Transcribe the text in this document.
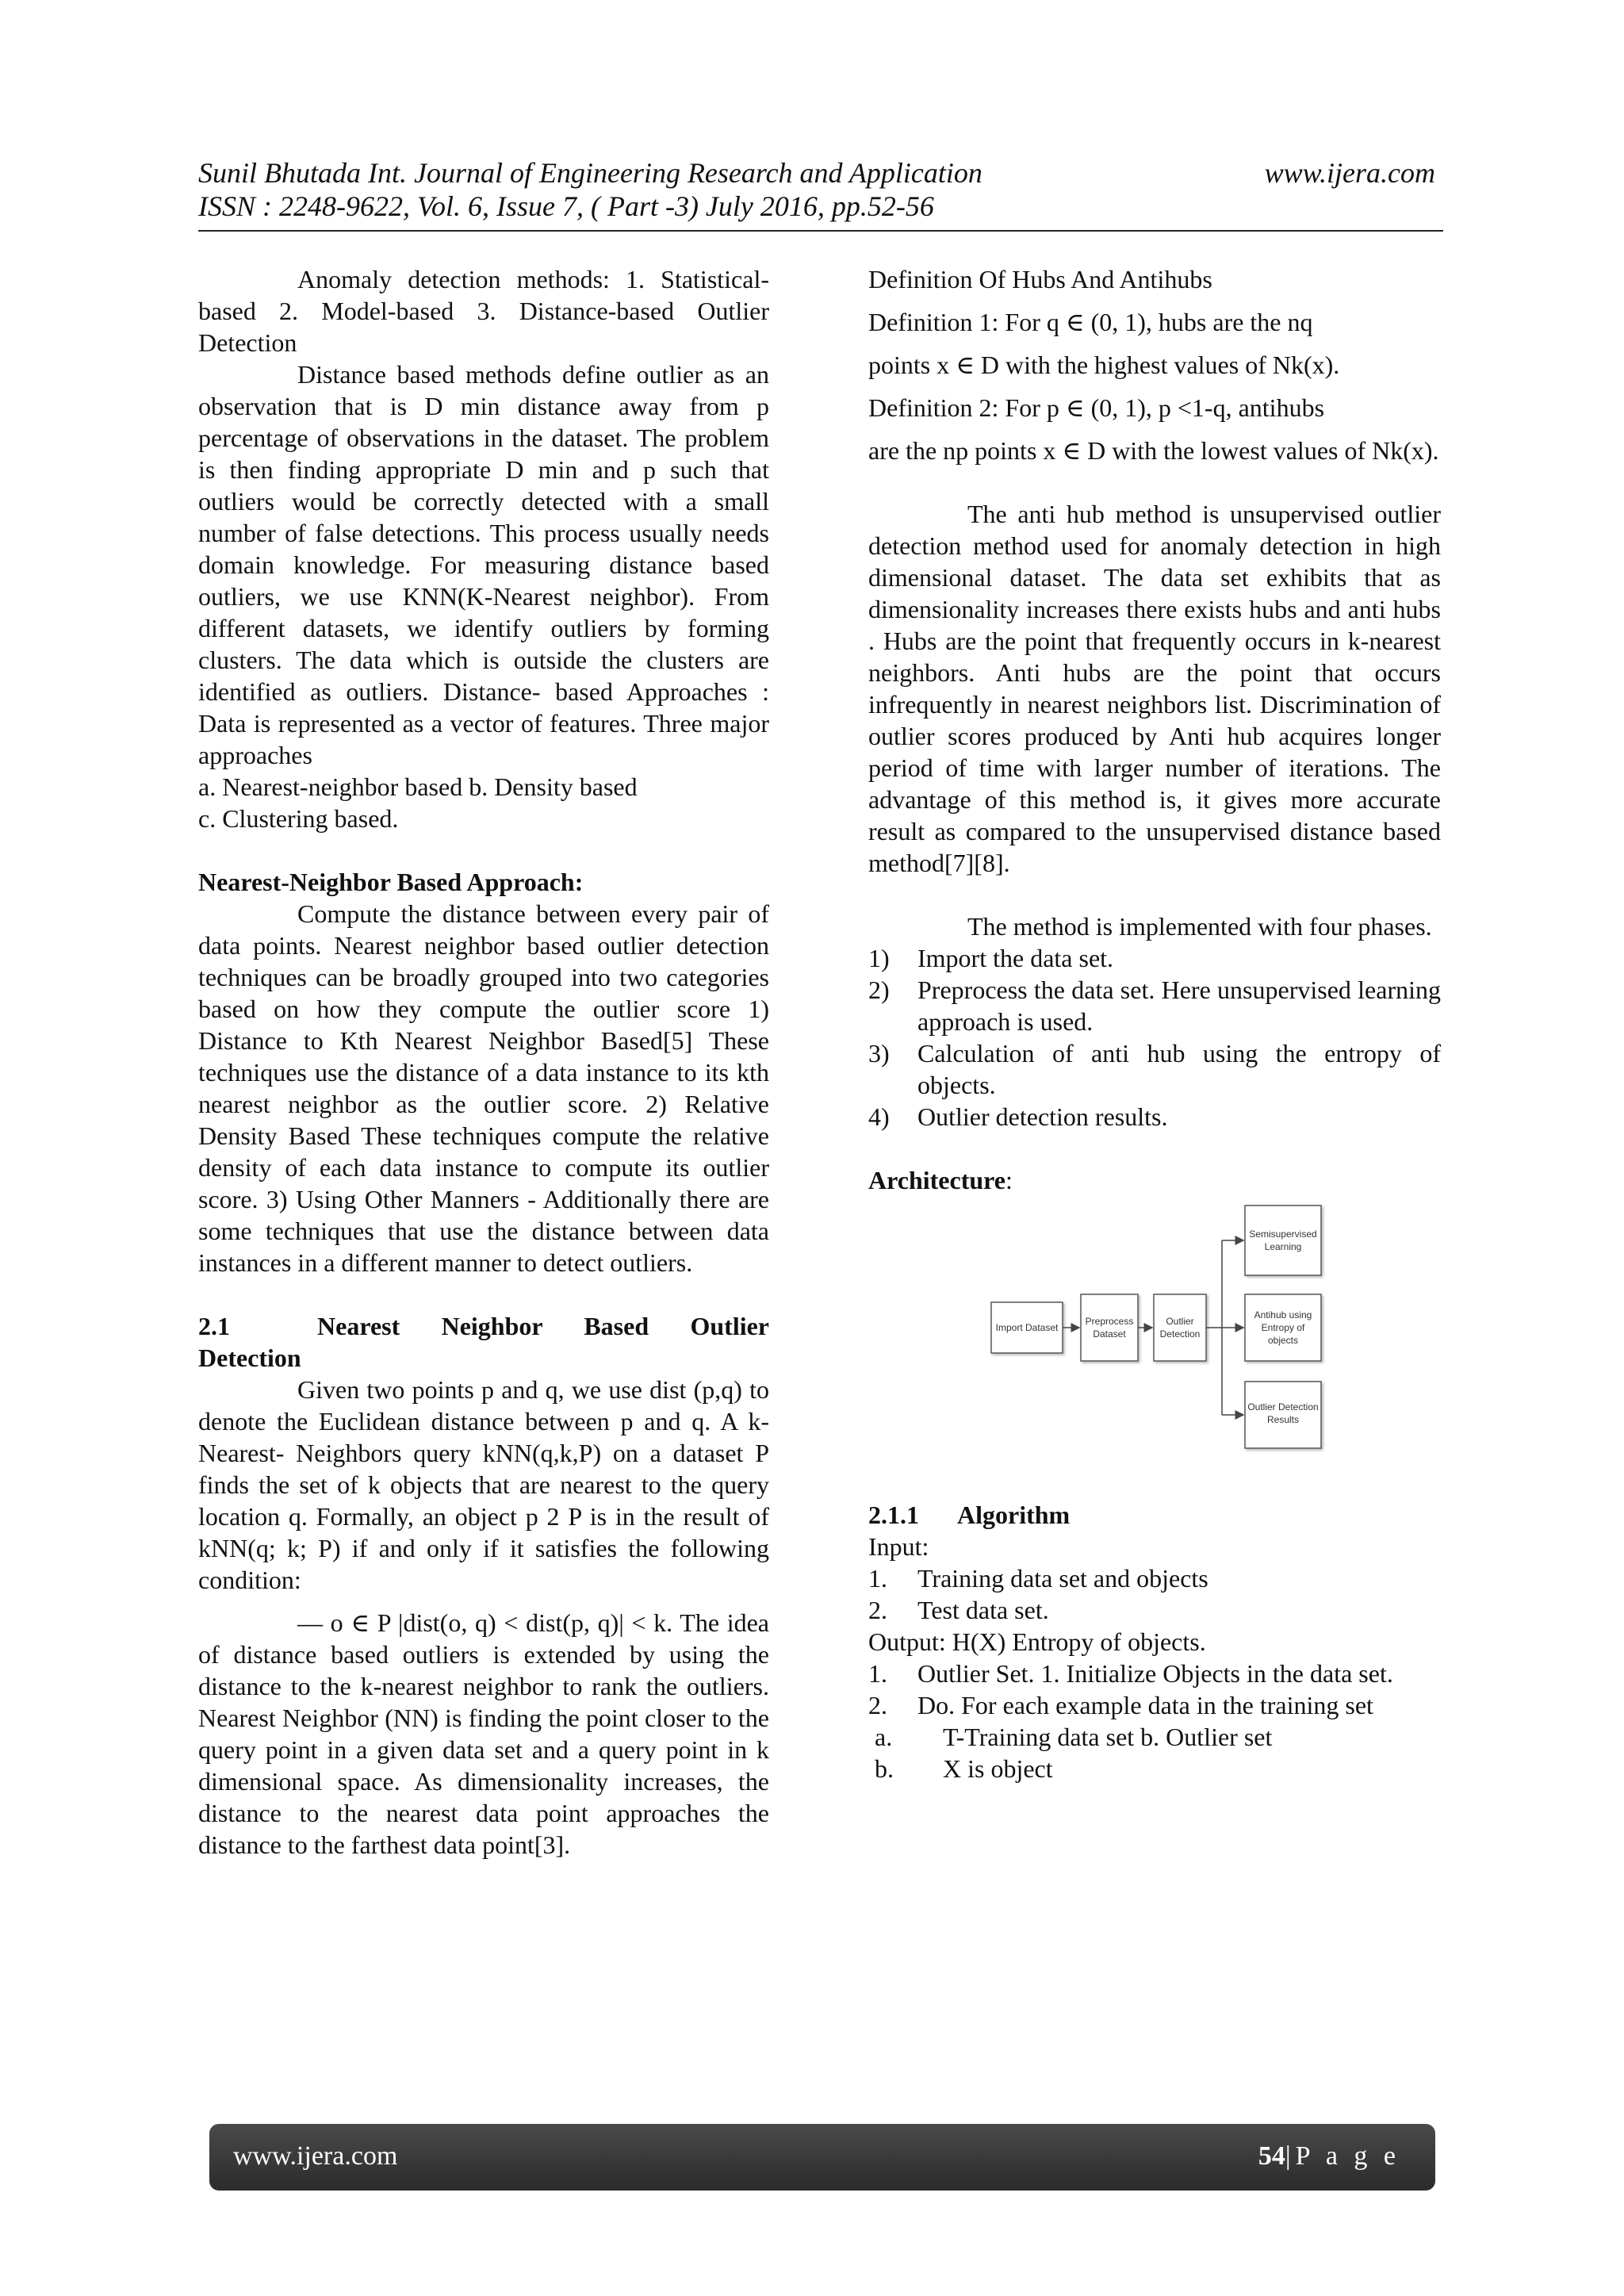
Sunil Bhutada Int. Journal of Engineering Research and Application
ISSN : 2248-9622, Vol. 6, Issue 7, ( Part -3) July 2016, pp.52-56
www.ijera.com

Anomaly detection methods: 1. Statistical- based 2. Model-based 3. Distance-based Outlier Detection

Distance based methods define outlier as an observation that is D min distance away from p percentage of observations in the dataset. The problem is then finding appropriate D min and p such that outliers would be correctly detected with a small number of false detections. This process usually needs domain knowledge. For measuring distance based outliers, we use KNN(K-Nearest neighbor). From different datasets, we identify outliers by forming clusters. The data which is outside the clusters are identified as outliers. Distance- based Approaches : Data is represented as a vector of features. Three major approaches

a. Nearest-neighbor based b. Density based

c. Clustering based.

Nearest-Neighbor Based Approach:

Compute the distance between every pair of data points. Nearest neighbor based outlier detection techniques can be broadly grouped into two categories based on how they compute the outlier score 1) Distance to Kth Nearest Neighbor Based[5] These techniques use the distance of a data instance to its kth nearest neighbor as the outlier score. 2) Relative Density Based These techniques compute the relative density of each data instance to compute its outlier score. 3) Using Other Manners - Additionally there are some techniques that use the distance between data instances in a different manner to detect outliers.

2.1	Nearest Neighbor Based Outlier

Detection

Given two points p and q, we use dist (p,q) to denote the Euclidean distance between p and q. A k-Nearest- Neighbors query kNN(q,k,P) on a dataset P finds the set of k objects that are nearest to the query location q. Formally, an object p 2 P is in the result of kNN(q; k; P) if and only if it satisfies the following condition:

— o ∈ P |dist(o, q) < dist(p, q)| < k. The idea of distance based outliers is extended by using the distance to the k-nearest neighbor to rank the outliers. Nearest Neighbor (NN) is finding the point closer to the query point in a given data set and a query point in k dimensional space. As dimensionality increases, the distance to the nearest data point approaches the distance to the farthest data point[3].

Definition Of Hubs And Antihubs

Definition 1: For q ∈ (0, 1), hubs are the nq

points x ∈ D with the highest values of Nk(x).

Definition 2: For p ∈ (0, 1), p <1-q, antihubs

are the np points x ∈ D with the lowest values of Nk(x).

The anti hub method is unsupervised outlier detection method used for anomaly detection in high dimensional dataset. The data set exhibits that as dimensionality increases there exists hubs and anti hubs . Hubs are the point that frequently occurs in k-nearest neighbors. Anti hubs are the point that occurs infrequently in nearest neighbors list. Discrimination of outlier scores produced by Anti hub acquires longer period of time with larger number of iterations. The advantage of this method is, it gives more accurate result as compared to the unsupervised distance based method[7][8].

The method is implemented with four phases.

1)	Import the data set.
2)	Preprocess the data set. Here unsupervised learning approach is used.
3)	Calculation of anti hub using the entropy of objects.
4)	Outlier detection results.

Architecture:

Import Dataset
Preprocess
Dataset
Outlier
Detection
Semisupervised
Learning
Antihub using
Entropy of
objects
Outlier Detection
Results
2.1.1	Algorithm

Input:

1.	Training data set and objects
2.	Test data set.

Output: H(X) Entropy of objects.

1.	Outlier Set. 1. Initialize Objects in the data set.
2.	Do. For each example data in the training set
a.	T-Training data set b. Outlier set
b.	X is object
www.ijera.com	54|P a g e
